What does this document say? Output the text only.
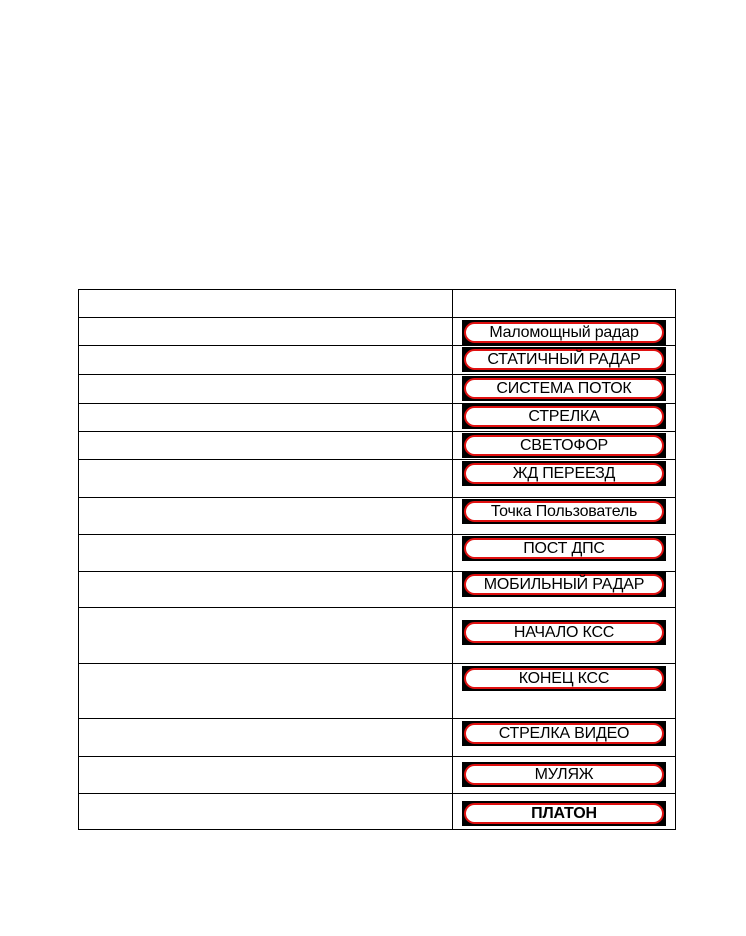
Маломощный радар

СТАТИЧНЫЙ РАДАР

СИСТЕМА ПОТОК

СТРЕЛКА

СВЕТОФОР

ЖД ПЕРЕЕЗД

Точка Пользователь

ПОСТ ДПС

МОБИЛЬНЫЙ РАДАР

НАЧАЛО КСС

КОНЕЦ КСС

СТРЕЛКА ВИДЕО

МУЛЯЖ

ПЛАТОН
